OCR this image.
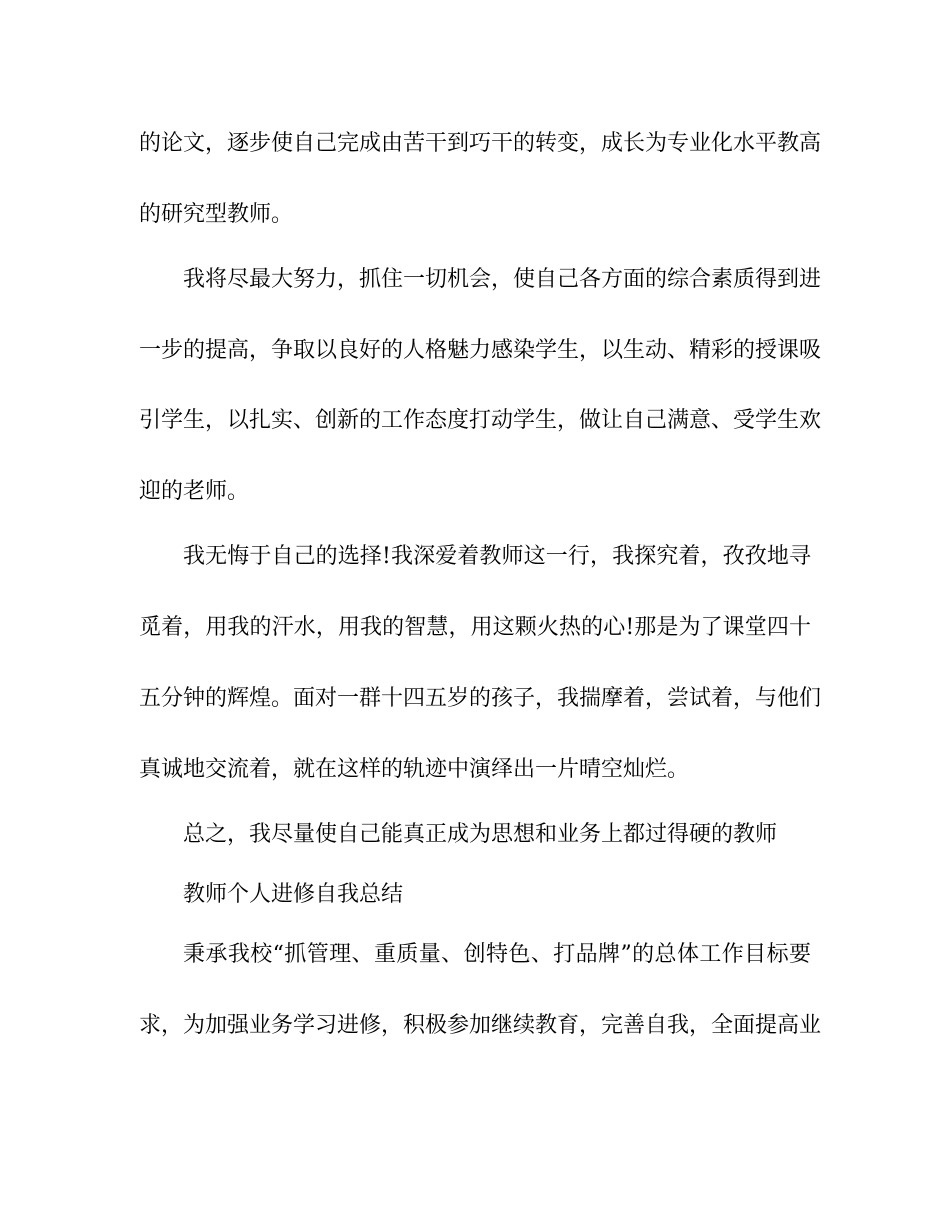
的论文，逐步使自己完成由苦干到巧干的转变，成长为专业化水平教高
的研究型教师。
我将尽最大努力，抓住一切机会，使自己各方面的综合素质得到进
一步的提高，争取以良好的人格魅力感染学生，以生动、精彩的授课吸
引学生，以扎实、创新的工作态度打动学生，做让自己满意、受学生欢
迎的老师。
我无悔于自己的选择!我深爱着教师这一行，我探究着，孜孜地寻
觅着，用我的汗水，用我的智慧，用这颗火热的心!那是为了课堂四十
五分钟的辉煌。面对一群十四五岁的孩子，我揣摩着，尝试着，与他们
真诚地交流着，就在这样的轨迹中演绎出一片晴空灿烂。
总之，我尽量使自己能真正成为思想和业务上都过得硬的教师
教师个人进修自我总结
秉承我校“抓管理、重质量、创特色、打品牌”的总体工作目标要
求，为加强业务学习进修，积极参加继续教育，完善自我，全面提高业
